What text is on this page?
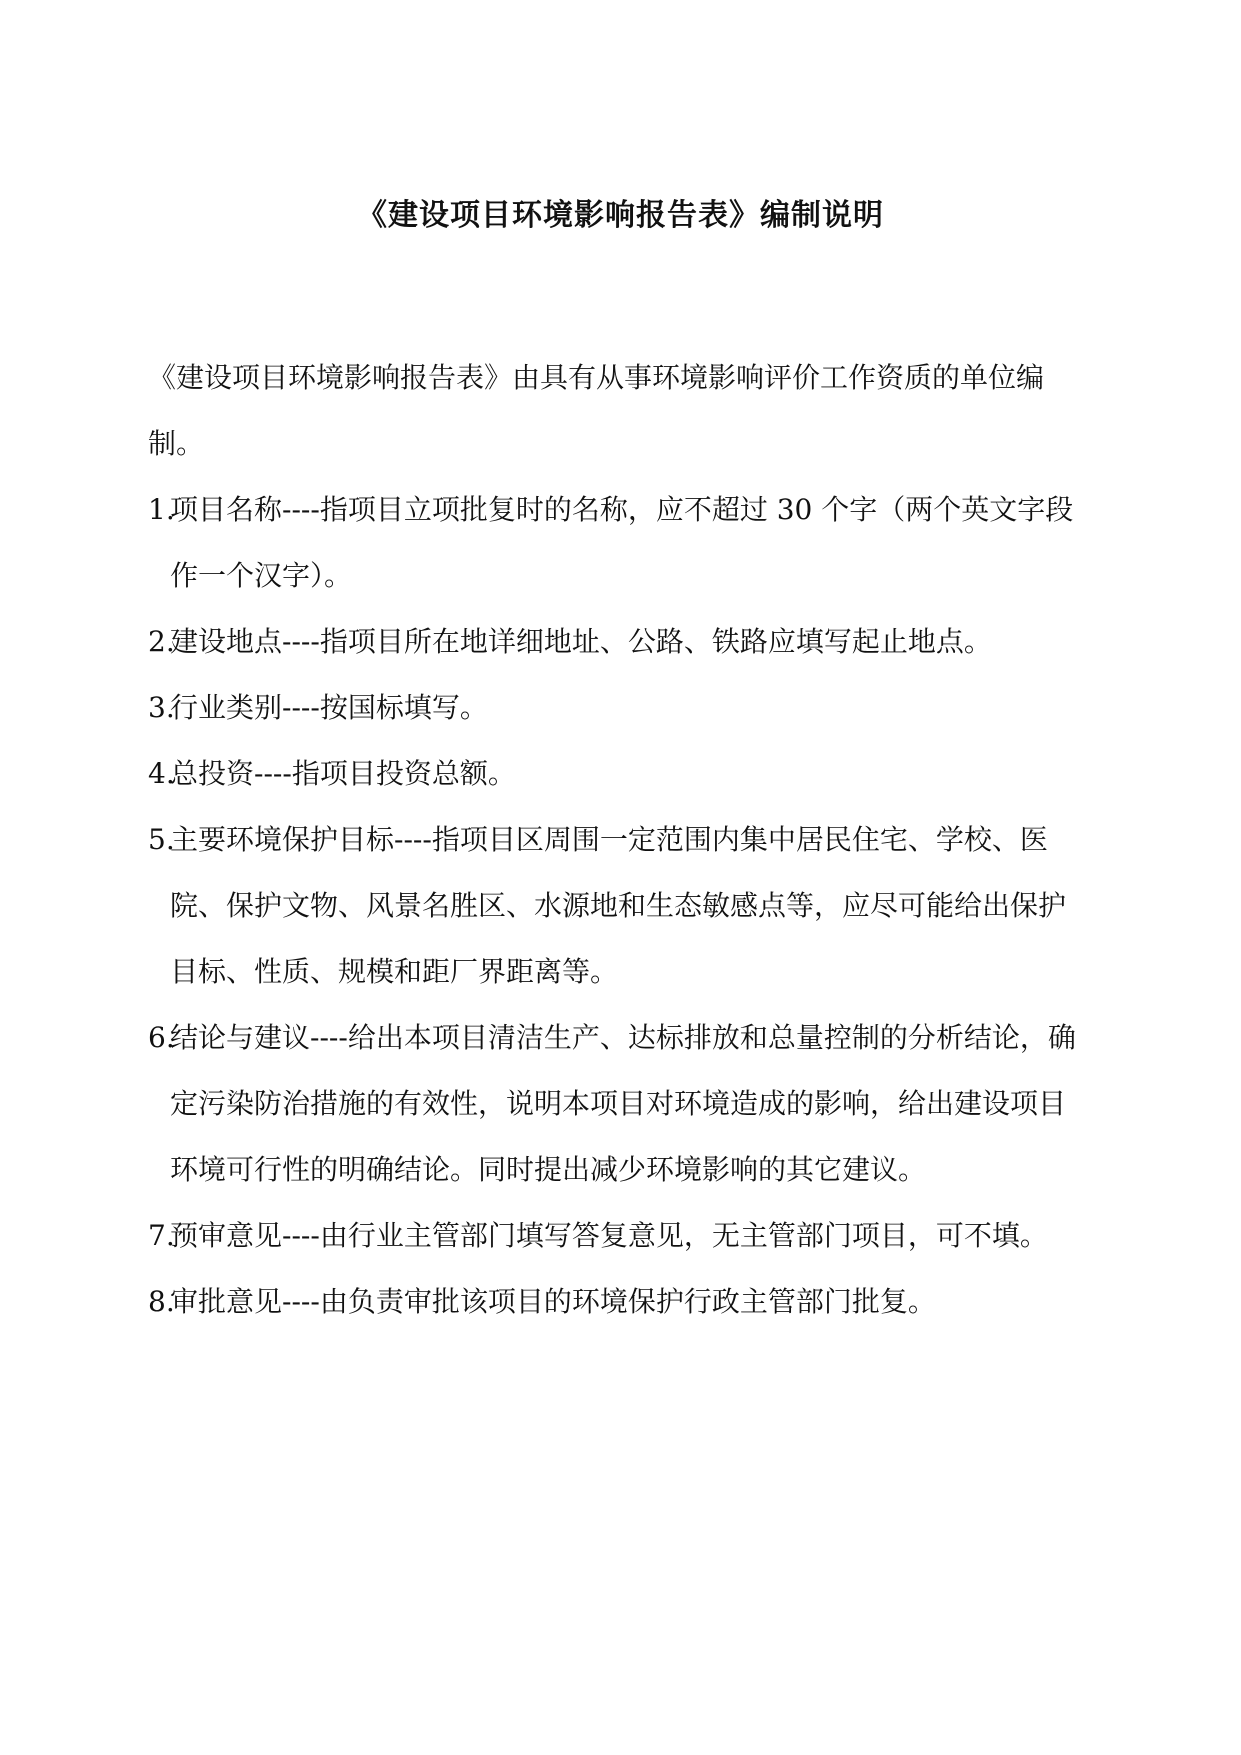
《建设项目环境影响报告表》编制说明

《建设项目环境影响报告表》由具有从事环境影响评价工作资质的单位编制。

1.
项目名称----指项目立项批复时的名称，应不超过 30 个字（两个英文字段作一个汉字）。
2.
建设地点----指项目所在地详细地址、公路、铁路应填写起止地点。
3.
行业类别----按国标填写。
4.
总投资----指项目投资总额。
5.
主要环境保护目标----指项目区周围一定范围内集中居民住宅、学校、医院、保护文物、风景名胜区、水源地和生态敏感点等，应尽可能给出保护目标、性质、规模和距厂界距离等。
6.
结论与建议----给出本项目清洁生产、达标排放和总量控制的分析结论，确定污染防治措施的有效性，说明本项目对环境造成的影响，给出建设项目环境可行性的明确结论。同时提出减少环境影响的其它建议。
7.
预审意见----由行业主管部门填写答复意见，无主管部门项目，可不填。
8.
审批意见----由负责审批该项目的环境保护行政主管部门批复。
